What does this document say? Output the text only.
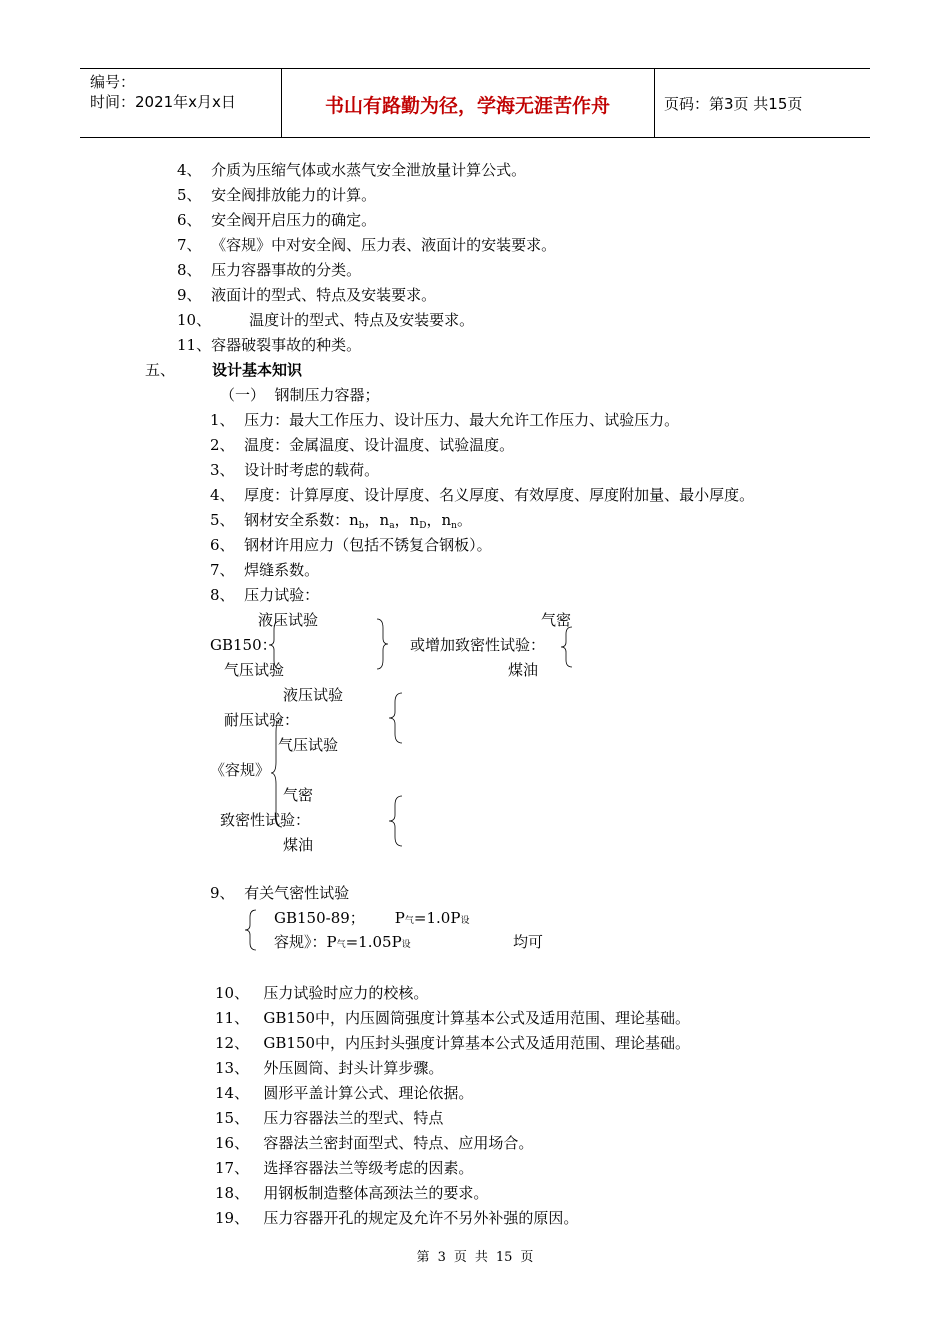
编号：
时间：2021年x月x日	书山有路勤为径，学海无涯苦作舟	页码：第3页 共15页
4、 介质为压缩气体或水蒸气安全泄放量计算公式。
5、 安全阀排放能力的计算。
6、 安全阀开启压力的确定。
7、 《容规》中对安全阀、压力表、液面计的安装要求。
8、 压力容器事故的分类。
9、 液面计的型式、特点及安装要求。
10、	温度计的型式、特点及安装要求。
11、容器破裂事故的种类。
五、 设计基本知识
（一）  钢制压力容器；
1、 压力：最大工作压力、设计压力、最大允许工作压力、试验压力。
2、 温度：金属温度、设计温度、试验温度。
3、 设计时考虑的载荷。
4、 厚度：计算厚度、设计厚度、名义厚度、有效厚度、厚度附加量、最小厚度。
5、 钢材安全系数：$n_b$，$n_a$，$n_D$，$n_n$。
6、 钢材许用应力（包括不锈复合钢板）。
7、 焊缝系数。
8、 压力试验：
液压试验	气密
GB150：	或增加致密性试验：
气压试验	煤油
液压试验
耐压试验：
气压试验
《容规》
气密
致密性试验：
煤油
9、 有关气密性试验
GB150-89； P气=1.0P设
容规》：P气=1.05P设	均可
10、 压力试验时应力的校核。
11、 GB150中，内压圆筒强度计算基本公式及适用范围、理论基础。
12、 GB150中，内压封头强度计算基本公式及适用范围、理论基础。
13、 外压圆筒、封头计算步骤。
14、 圆形平盖计算公式、理论依据。
15、 压力容器法兰的型式、特点
16、 容器法兰密封面型式、特点、应用场合。
17、 选择容器法兰等级考虑的因素。
18、 用钢板制造整体高颈法兰的要求。
19、 压力容器开孔的规定及允许不另外补强的原因。
第 3 页 共 15 页
